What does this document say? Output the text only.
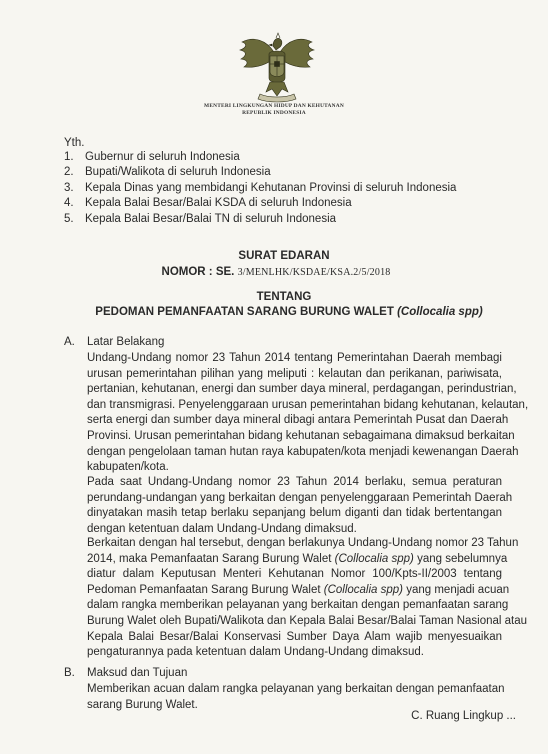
MENTERI LINGKUNGAN HIDUP DAN KEHUTANAN
REPUBLIK INDONESIA
Yth.
1. Gubernur di seluruh Indonesia
2. Bupati/Walikota di seluruh Indonesia
3. Kepala Dinas yang membidangi Kehutanan Provinsi di seluruh Indonesia
4. Kepala Balai Besar/Balai KSDA di seluruh Indonesia
5. Kepala Balai Besar/Balai TN di seluruh Indonesia
SURAT EDARAN
NOMOR : SE. 3/MENLHK/KSDAE/KSA.2/5/2018
TENTANG
PEDOMAN PEMANFAATAN SARANG BURUNG WALET (Collocalia spp)
A.	Latar Belakang
Undang-Undang nomor 23 Tahun 2014 tentang Pemerintahan Daerah membagi
urusan pemerintahan pilihan yang meliputi : kelautan dan perikanan, pariwisata,
pertanian, kehutanan, energi dan sumber daya mineral, perdagangan, perindustrian,
dan transmigrasi. Penyelenggaraan urusan pemerintahan bidang kehutanan, kelautan,
serta energi dan sumber daya mineral dibagi antara Pemerintah Pusat dan Daerah
Provinsi. Urusan pemerintahan bidang kehutanan sebagaimana dimaksud berkaitan
dengan pengelolaan taman hutan raya kabupaten/kota menjadi kewenangan Daerah
kabupaten/kota.
Pada saat Undang-Undang nomor 23 Tahun 2014 berlaku, semua peraturan
perundang-undangan yang berkaitan dengan penyelenggaraan Pemerintah Daerah
dinyatakan masih tetap berlaku sepanjang belum diganti dan tidak bertentangan
dengan ketentuan dalam Undang-Undang dimaksud.
Berkaitan dengan hal tersebut, dengan berlakunya Undang-Undang nomor 23 Tahun
2014, maka Pemanfaatan Sarang Burung Walet (Collocalia spp) yang sebelumnya
diatur dalam Keputusan Menteri Kehutanan Nomor 100/Kpts-II/2003 tentang
Pedoman Pemanfaatan Sarang Burung Walet (Collocalia spp) yang menjadi acuan
dalam rangka memberikan pelayanan yang berkaitan dengan pemanfaatan sarang
Burung Walet oleh Bupati/Walikota dan Kepala Balai Besar/Balai Taman Nasional atau
Kepala Balai Besar/Balai Konservasi Sumber Daya Alam wajib menyesuaikan
pengaturannya pada ketentuan dalam Undang-Undang dimaksud.
B.	Maksud dan Tujuan
Memberikan acuan dalam rangka pelayanan yang berkaitan dengan pemanfaatan
sarang Burung Walet.
C. Ruang Lingkup ...
